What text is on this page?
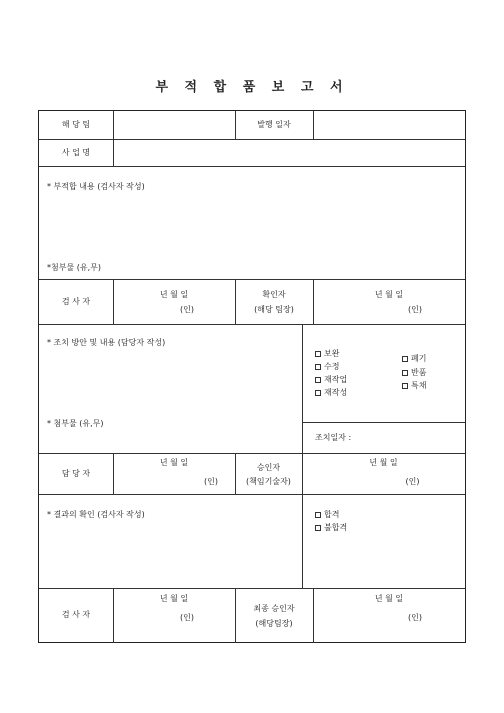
부 적 합 품 보 고 서
해 당 팀	발행 일자
사 업 명
* 부적합 내용 (검사자 작성)
*첨부물 (유,무)
검 사 자
년 월 일
(인)
확인자
(해당 팀장)
년 월 일
(인)
* 조치 방안 및 내용 (담당자 작성)
* 첨부물 (유,무)
보완
수정
재작업
재작성
폐기
반품
특채
조치일자 :
담 당 자
년 월 일
(인)
승인자
(책임기술자)
년 월 일
(인)
* 결과의 확인 (검사자 작성)	합격
불합격
검 사 자
년 월 일
(인)
최종 승인자
(해당팀장)
년 월 일
(인)
